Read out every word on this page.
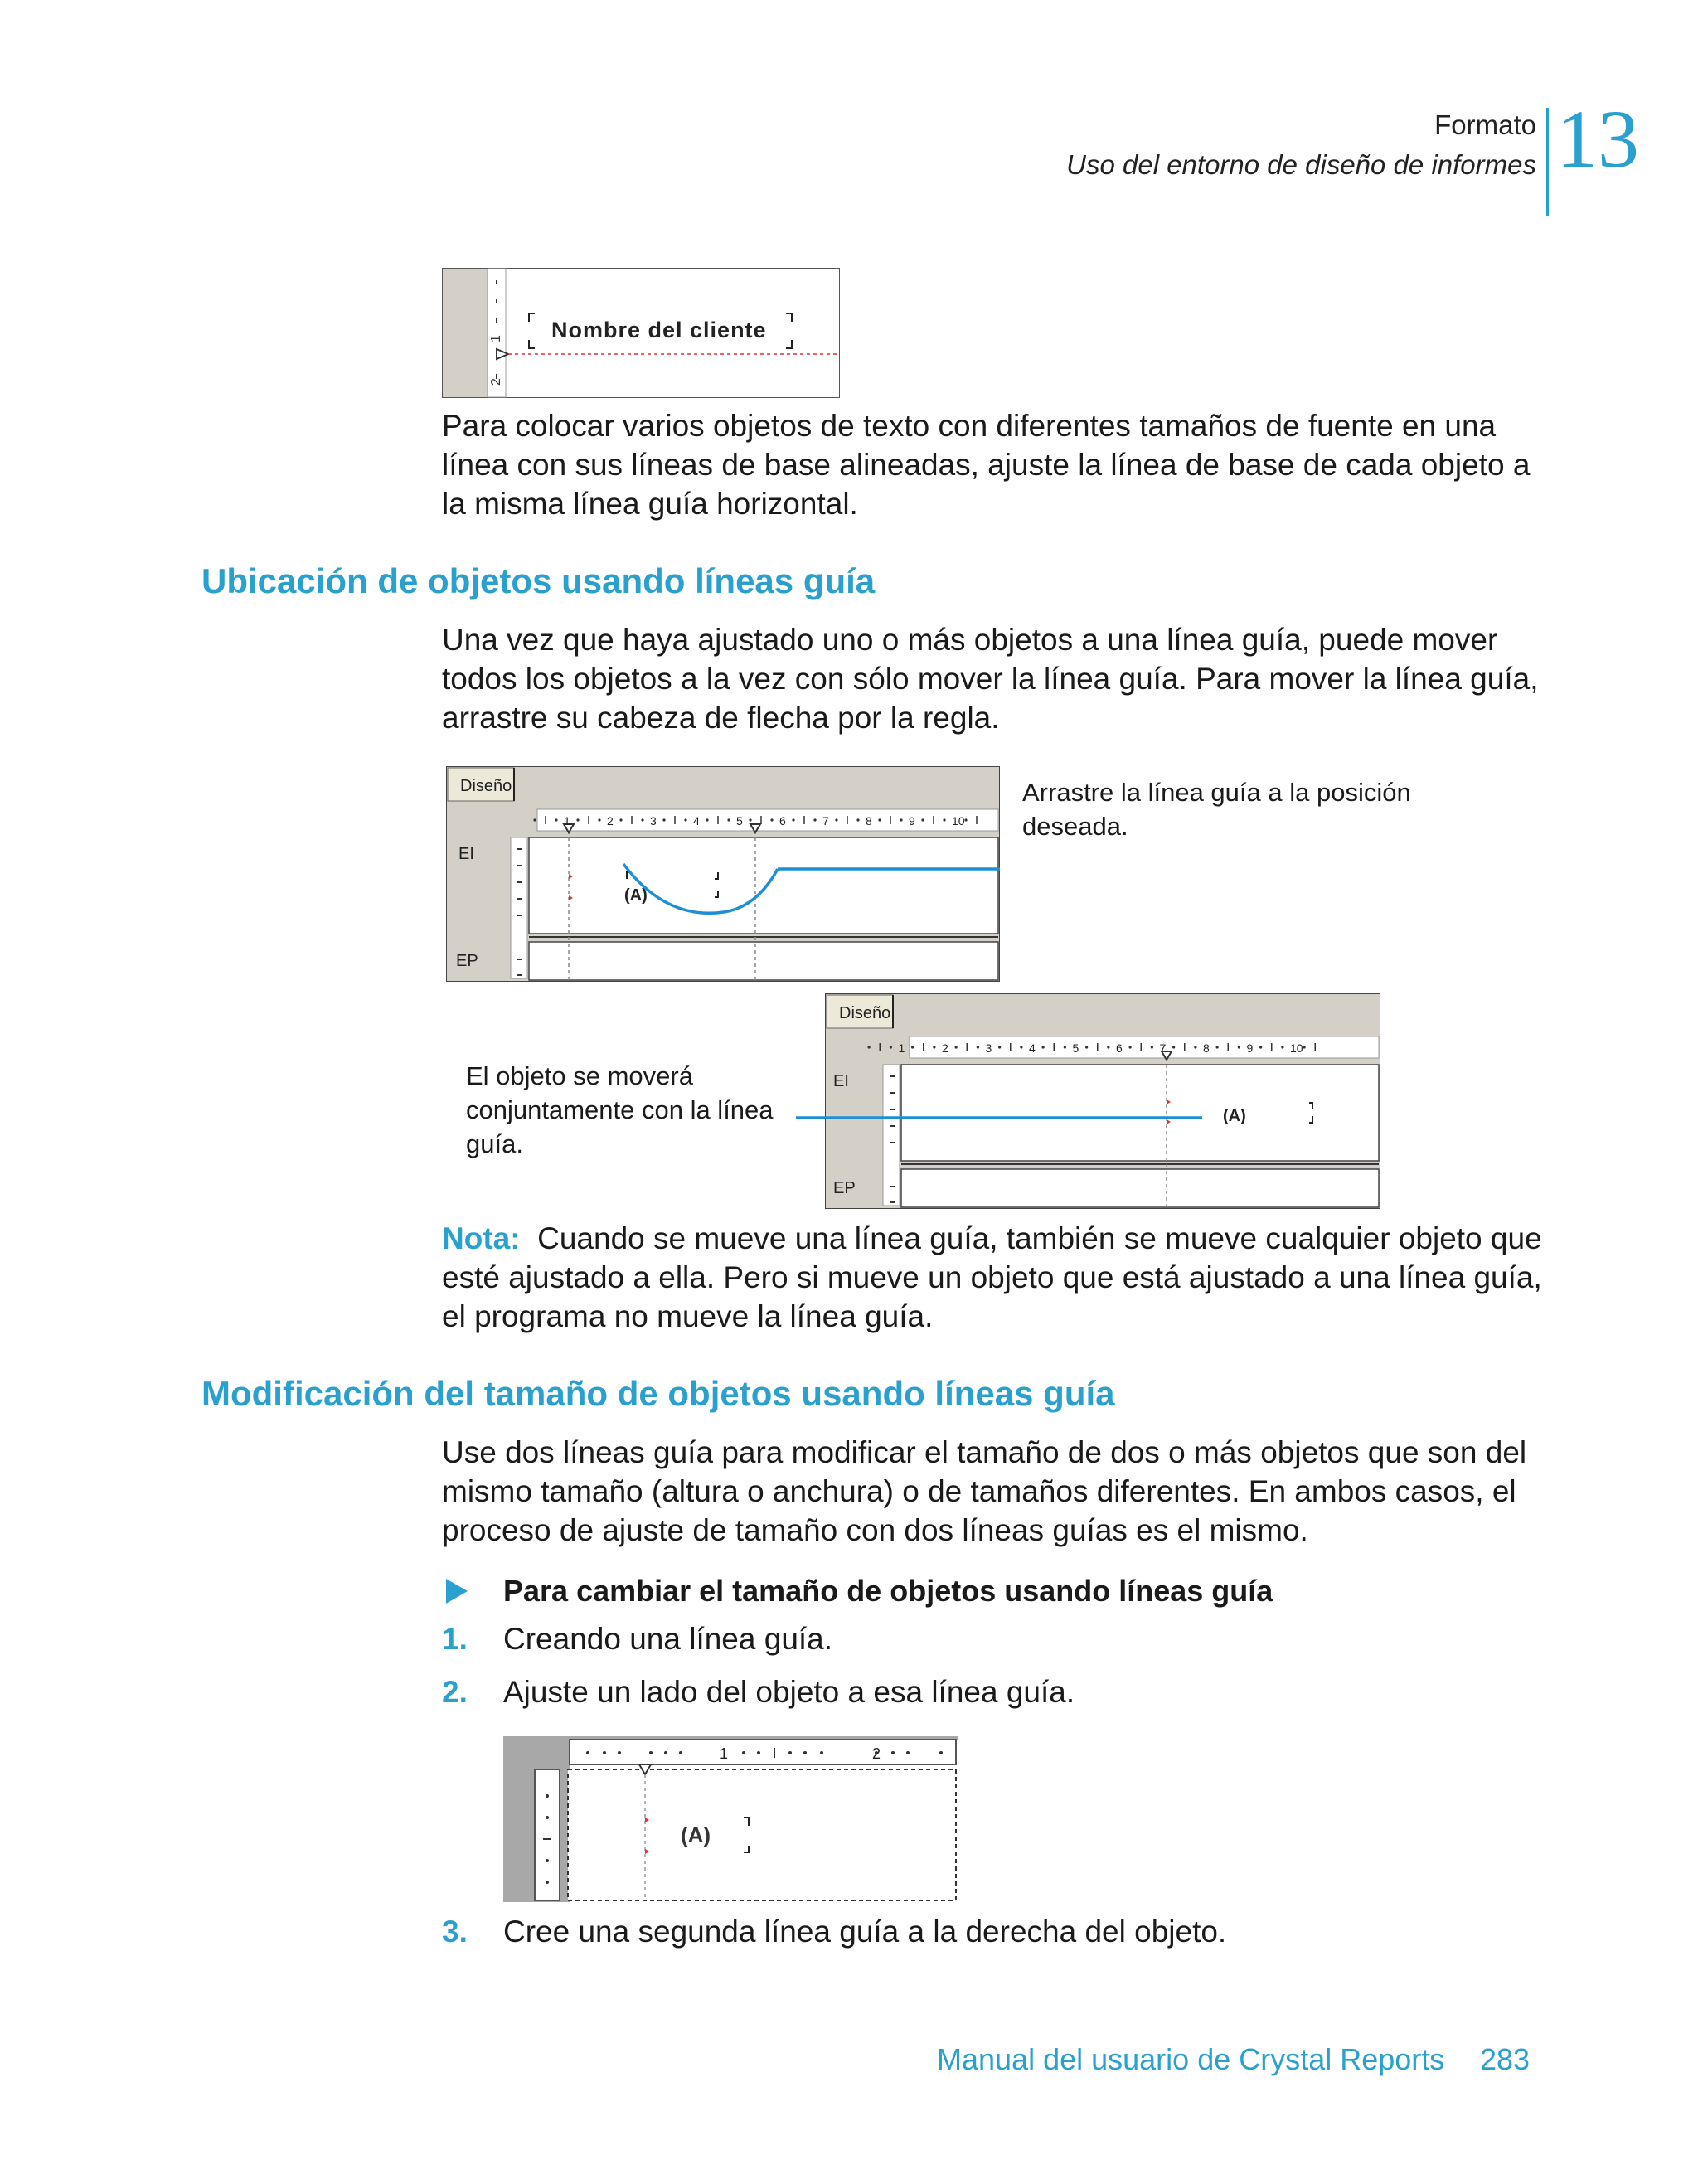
Formato
Uso del entorno de diseño de informes 13
1
2
Nombre del cliente
Para colocar varios objetos de texto con diferentes tamaños de fuente en una línea con sus líneas de base alineadas, ajuste la línea de base de cada objeto a la misma línea guía horizontal.
Ubicación de objetos usando líneas guía
Una vez que haya ajustado uno o más objetos a una línea guía, puede mover todos los objetos a la vez con sólo mover la línea guía. Para mover la línea guía, arrastre su cabeza de flecha por la regla.
Diseño
EI
EP
(A)
1	2	3	4	5	6	7	8	9	10
Arrastre la línea guía a la posición deseada.
Diseño
EI
EP
(A)
1	2	3	4	5	6	7	8	9	10
El objeto se moverá conjuntamente con la línea guía.
Nota: Cuando se mueve una línea guía, también se mueve cualquier objeto que esté ajustado a ella. Pero si mueve un objeto que está ajustado a una línea guía, el programa no mueve la línea guía.
Modificación del tamaño de objetos usando líneas guía
Use dos líneas guía para modificar el tamaño de dos o más objetos que son del mismo tamaño (altura o anchura) o de tamaños diferentes. En ambos casos, el proceso de ajuste de tamaño con dos líneas guías es el mismo.
Para cambiar el tamaño de objetos usando líneas guía
1. Creando una línea guía.
2. Ajuste un lado del objeto a esa línea guía.
1	2
(A)
3. Cree una segunda línea guía a la derecha del objeto.
Manual del usuario de Crystal Reports 283
